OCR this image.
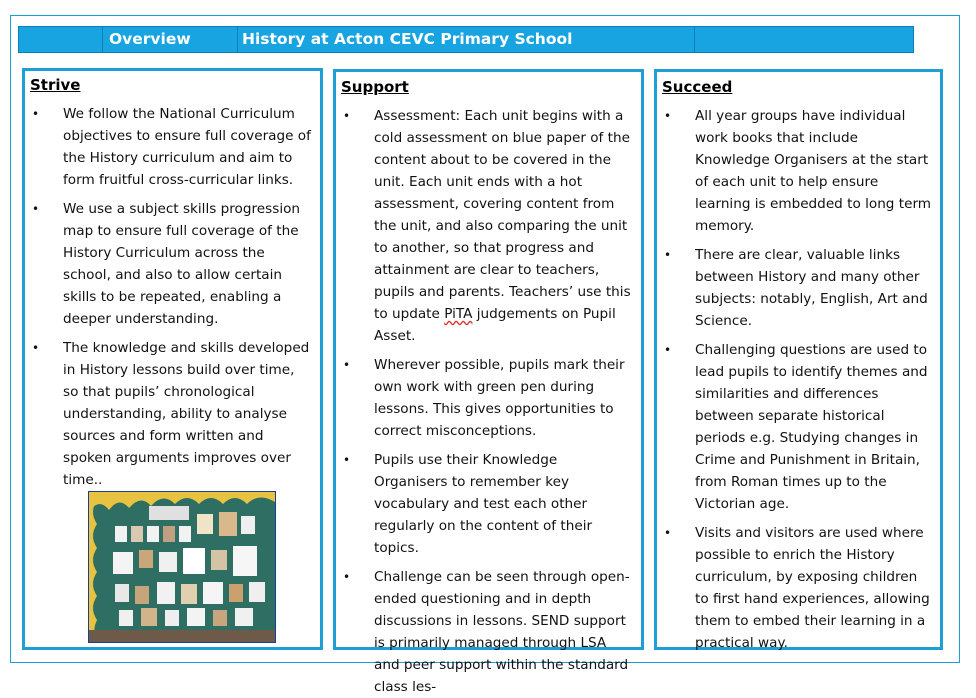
Overview	History at Acton CEVC Primary School
Strive
• We follow the National Curriculum objectives to ensure full coverage of the History curriculum and aim to form fruitful cross-curricular links.
• We use a subject skills progression map to ensure full coverage of the History Curriculum across the school, and also to allow certain skills to be repeated, enabling a deeper understanding.
• The knowledge and skills developed in History lessons build over time, so that pupils’ chronological understanding, ability to analyse sources and form written and spoken arguments improves over time..
Support
• Assessment: Each unit begins with a cold assessment on blue paper of the content about to be covered in the unit. Each unit ends with a hot assessment, covering content from the unit, and also comparing the unit to another, so that progress and attainment are clear to teachers, pupils and parents. Teachers’ use this to update PiTA judgements on Pupil Asset.
• Wherever possible, pupils mark their own work with green pen during lessons. This gives opportunities to correct misconceptions.
• Pupils use their Knowledge Organisers to remember key vocabulary and test each other regularly on the content of their topics.
• Challenge can be seen through open-ended questioning and in depth discussions in lessons. SEND support is primarily managed through LSA and peer support within the standard class les-
Succeed
• All year groups have individual work books that include Knowledge Organisers at the start of each unit to help ensure learning is embedded to long term memory.
• There are clear, valuable links between History and many other subjects: notably, English, Art and Science.
• Challenging questions are used to lead pupils to identify themes and similarities and differences between separate historical periods e.g. Studying changes in Crime and Punishment in Britain, from Roman times up to the Victorian age.
• Visits and visitors are used where possible to enrich the History curriculum, by exposing children to first hand experiences, allowing them to embed their learning in a practical way.
